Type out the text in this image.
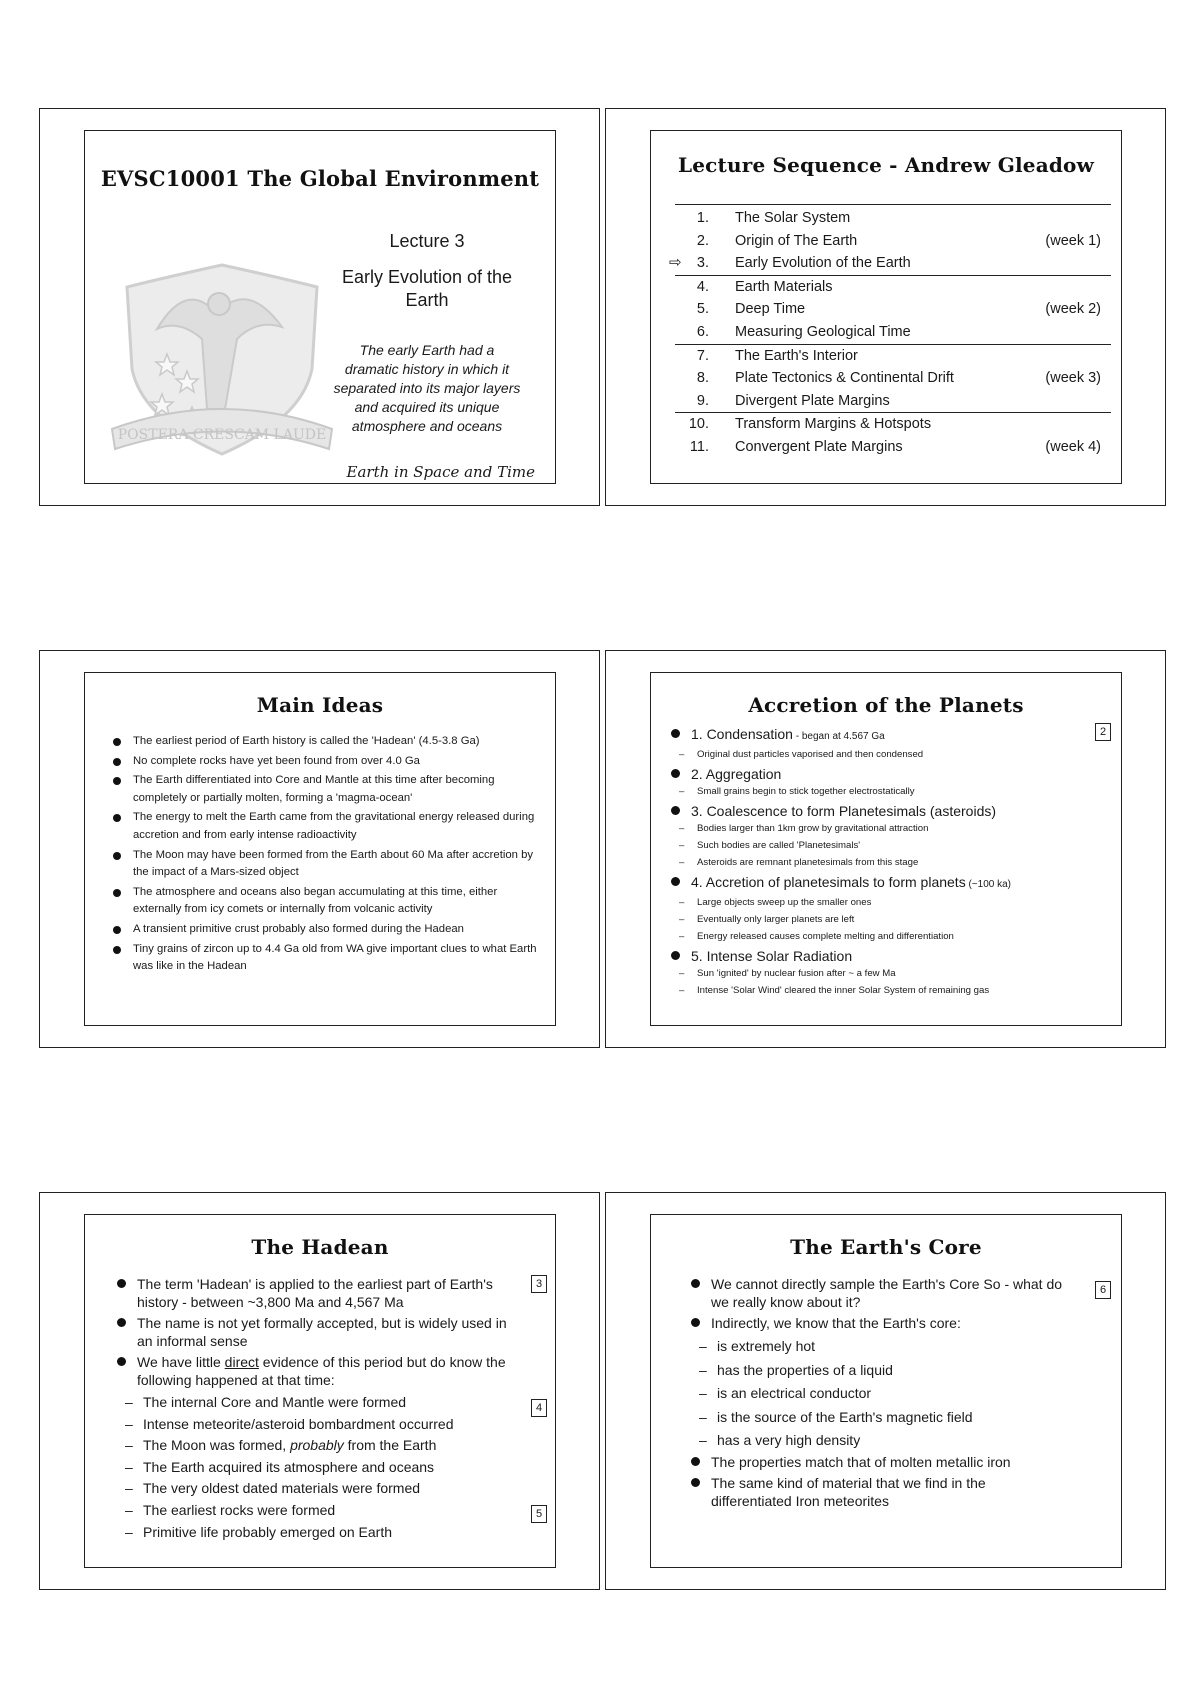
EVSC10001 The Global Environment
POSTERA CRESCAM LAUDE
Lecture 3
Early Evolution of the Earth
The early Earth had a dramatic history in which it separated into its major layers and acquired its unique atmosphere and oceans
Earth in Space and Time
Lecture Sequence - Andrew Gleadow
1. The Solar System
2. Origin of The Earth	(week 1)
⇨	3. Early Evolution of the Earth
4. Earth Materials
5. Deep Time	(week 2)
6. Measuring Geological Time
7. The Earth's Interior
8. Plate Tectonics & Continental Drift	(week 3)
9. Divergent Plate Margins
10. Transform Margins & Hotspots
11. Convergent Plate Margins	(week 4)
Main Ideas
The earliest period of Earth history is called the 'Hadean' (4.5-3.8 Ga)
No complete rocks have yet been found from over 4.0 Ga
The Earth differentiated into Core and Mantle at this time after becoming completely or partially molten, forming a 'magma-ocean'
The energy to melt the Earth came from the gravitational energy released during accretion and from early intense radioactivity
The Moon may have been formed from the Earth about 60 Ma after accretion by the impact of a Mars-sized object
The atmosphere and oceans also began accumulating at this time, either externally from icy comets or internally from volcanic activity
A transient primitive crust probably also formed during the Hadean
Tiny grains of zircon up to 4.4 Ga old from WA give important clues to what Earth was like in the Hadean
Accretion of the Planets
2
1. Condensation - began at 4.567 Ga
– Original dust particles vaporised and then condensed
2. Aggregation
– Small grains begin to stick together electrostatically
3. Coalescence to form Planetesimals (asteroids)
– Bodies larger than 1km grow by gravitational attraction
– Such bodies are called 'Planetesimals'
– Asteroids are remnant planetesimals from this stage
4. Accretion of planetesimals to form planets (~100 ka)
– Large objects sweep up the smaller ones
– Eventually only larger planets are left
– Energy released causes complete melting and differentiation
5. Intense Solar Radiation
– Sun 'ignited' by nuclear fusion after ~ a few Ma
– Intense 'Solar Wind' cleared the inner Solar System of remaining gas
The Hadean
3
4
5
The term 'Hadean' is applied to the earliest part of Earth's history - between ~3,800 Ma and 4,567 Ma
The name is not yet formally accepted, but is widely used in an informal sense
We have little direct evidence of this period but do know the following happened at that time:
– The internal Core and Mantle were formed
– Intense meteorite/asteroid bombardment occurred
– The Moon was formed, probably from the Earth
– The Earth acquired its atmosphere and oceans
– The very oldest dated materials were formed
– The earliest rocks were formed
– Primitive life probably emerged on Earth
The Earth's Core
6
We cannot directly sample the Earth's Core So - what do we really know about it?
Indirectly, we know that the Earth's core:
– is extremely hot
– has the properties of a liquid
– is an electrical conductor
– is the source of the Earth's magnetic field
– has a very high density
The properties match that of molten metallic iron
The same kind of material that we find in the differentiated Iron meteorites
